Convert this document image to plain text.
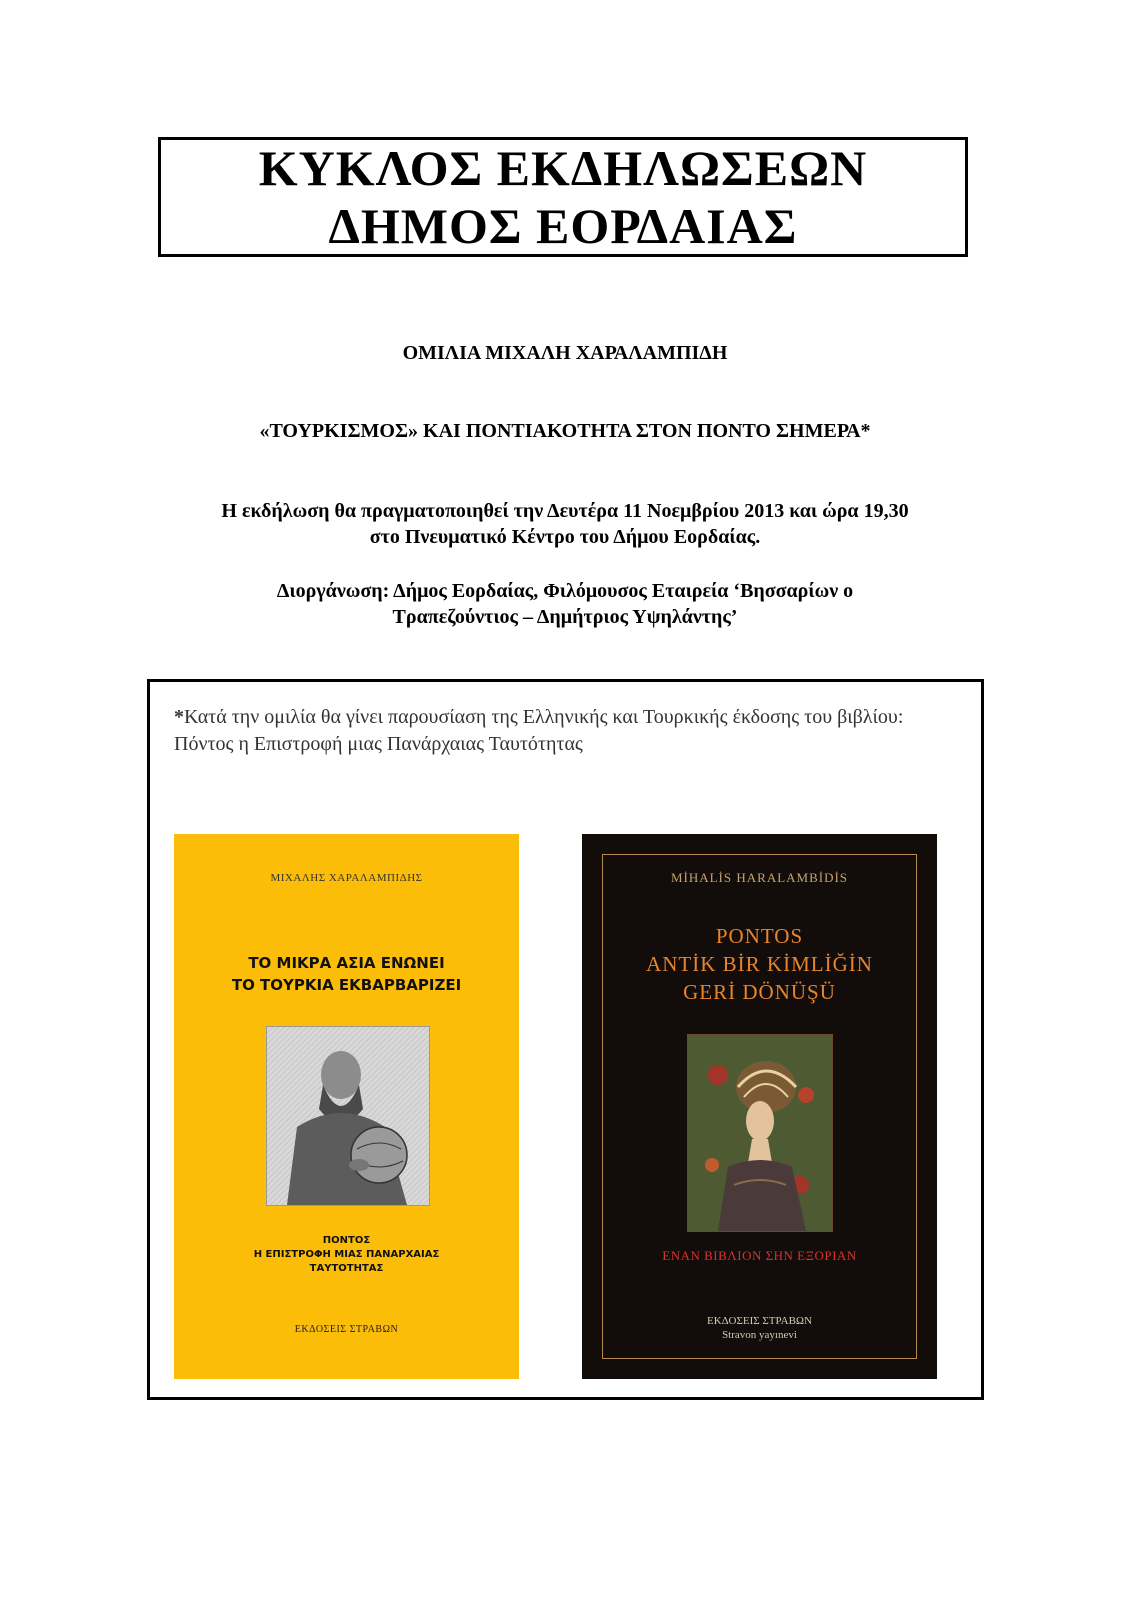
ΚΥΚΛΟΣ ΕΚΔΗΛΩΣΕΩΝ
ΔΗΜΟΣ ΕΟΡΔΑΙΑΣ
ΟΜΙΛΙΑ ΜΙΧΑΛΗ ΧΑΡΑΛΑΜΠΙΔΗ
«ΤΟΥΡΚΙΣΜΟΣ» ΚΑΙ ΠΟΝΤΙΑΚΟΤΗΤΑ ΣΤΟΝ ΠΟΝΤΟ ΣΗΜΕΡΑ*
Η εκδήλωση θα πραγματοποιηθεί την Δευτέρα 11 Νοεμβρίου 2013 και ώρα 19,30
στο Πνευματικό Κέντρο του Δήμου Εορδαίας.
Διοργάνωση: Δήμος Εορδαίας, Φιλόμουσος Εταιρεία ‘Βησσαρίων ο
Τραπεζούντιος – Δημήτριος Υψηλάντης’
*Κατά την ομιλία θα γίνει παρουσίαση της Ελληνικής και Τουρκικής έκδοσης του βιβλίου: Πόντος η Επιστροφή μιας Πανάρχαιας Ταυτότητας
ΜΙΧΑΛΗΣ ΧΑΡΑΛΑΜΠΙΔΗΣ
ΤΟ ΜΙΚΡΑ ΑΣΙΑ ΕΝΩΝΕΙ
ΤΟ ΤΟΥΡΚΙΑ ΕΚΒΑΡΒΑΡΙΖΕΙ
ΠΟΝΤΟΣ
Η ΕΠΙΣΤΡΟΦΗ ΜΙΑΣ ΠΑΝΑΡΧΑΙΑΣ
ΤΑΥΤΟΤΗΤΑΣ
ΕΚΔΟΣΕΙΣ ΣΤΡΑΒΩΝ
MİHALİS HARALAMBİDİS
PONTOS
ANTİK BİR KİMLİĞİN
GERİ DÖNÜŞÜ
ΕΝΑΝ ΒΙΒΛΙΟΝ ΣΗΝ ΕΞΟΡΙΑΝ
ΕΚΔΟΣΕΙΣ ΣΤΡΑΒΩΝ
Stravon yayınevi
